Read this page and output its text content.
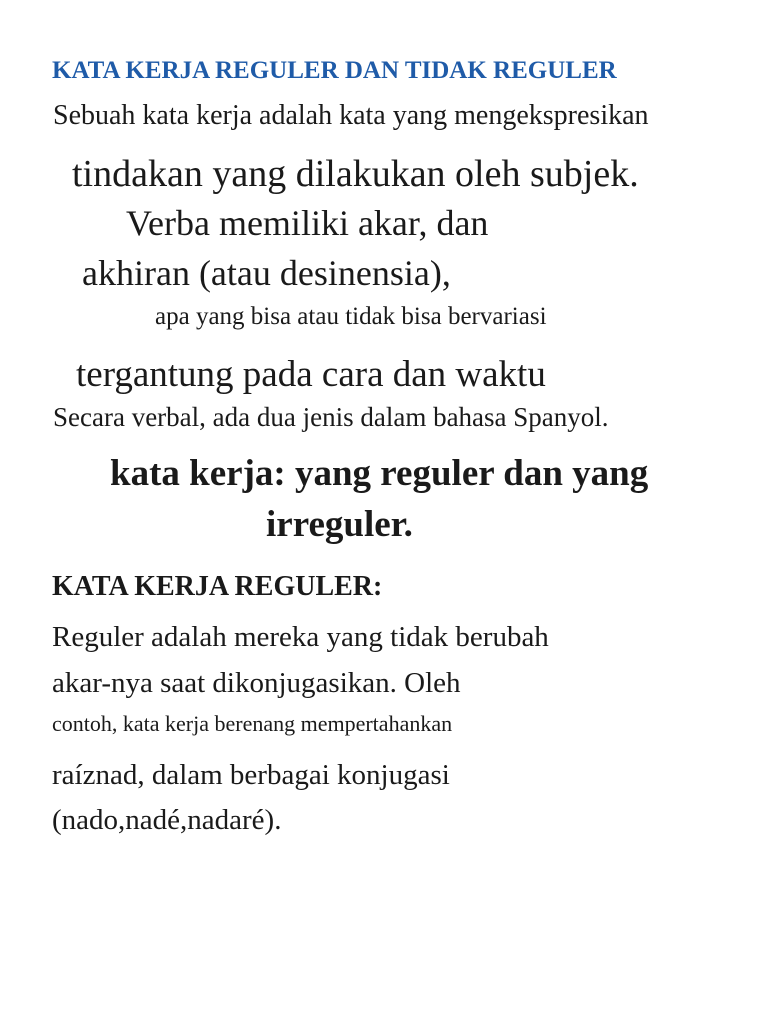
KATA KERJA REGULER DAN TIDAK REGULER

Sebuah kata kerja adalah kata yang mengekspresikan

tindakan yang dilakukan oleh subjek.

Verba memiliki akar, dan

akhiran (atau desinensia),

apa yang bisa atau tidak bisa bervariasi

tergantung pada cara dan waktu

Secara verbal, ada dua jenis dalam bahasa Spanyol.

kata kerja: yang reguler dan yang

irreguler.

KATA KERJA REGULER:

Reguler adalah mereka yang tidak berubah

akar-nya saat dikonjugasikan. Oleh

contoh, kata kerja berenang mempertahankan

raíznad, dalam berbagai konjugasi

(nado,nadé,nadaré).
